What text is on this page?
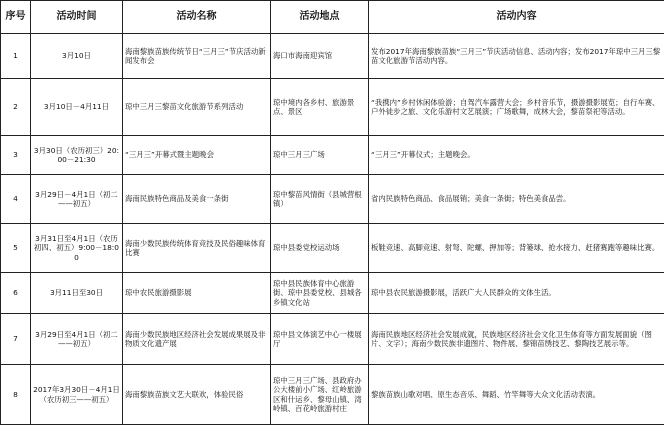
序号	活动时间	活动名称	活动地点	活动内容
1	3月10日	海南黎族苗族传统节日“三月三”节庆活动新闻发布会	海口市海南迎宾馆	发布2017年海南黎族苗族“三月三”节庆活动信息、活动内容；发布2017年琼中三月三黎苗文化旅游节活动内容。
2	3月10日－4月11日	琼中三月三黎苗文化旅游节系列活动	琼中境内各乡村、旅游景点、景区	“我携内”乡村休闲体验游；自驾汽车露营大会；乡村音乐节，摄游摄影展览；自行车赛、户外徒步之旅、文化乐游村文艺展演；广场歌舞，成林大会，黎苗祭祀等活动。
3	3月30日（农历初三）20:00－21:30	“三月三”开幕式暨主题晚会	琼中三月三广场	“三月三”开幕仪式；主题晚会。
4	3月29日－4月1日（初二——初五）	海南民族特色商品及美食一条街	琼中黎苗风情街（县城营根镇）	省内民族特色商品、食品展销；美食一条街；特色美食品尝。
5	3月31日至4月1日（农历初四、初五）9:00－18:00	海南少数民族传统体育竞技及民俗趣味体育比赛	琼中县委党校运动场	板鞋竞速、高脚竞速、射弩、陀螺、押加等；背篓球、抢水接力、赶猪赛跑等趣味比赛。
6	3月11日至30日	琼中农民旅游摄影展	琼中县民族体育中心旅游街、琼中县委党校、县城各乡镇文化站	琼中县农民旅游摄影展，活跃广大人民群众的文体生活。
7	3月29日至4月1日（初二——初五）	海南少数民族地区经济社会发展成果展及非物质文化遗产展	琼中县文体演艺中心一楼展厅	海南民族地区经济社会发展成就，民族地区经济社会文化卫生体育等方面发展面貌（图片、文字）；海南少数民族非遗图片、物件展、黎锦苗绣技艺、黎陶技艺展示等。
8	2017年3月30日－4月1日（农历初三——初五）	海南黎族苗族文艺大联欢，体验民俗	琼中三月三广场、县政府办公大楼前小广场、红岭旅游区和什运乡、黎母山镇、湾岭镇、百花岭旅游村庄	黎族苗族山歌对唱、原生态音乐、舞蹈、竹竿舞等大众文化活动表演。
